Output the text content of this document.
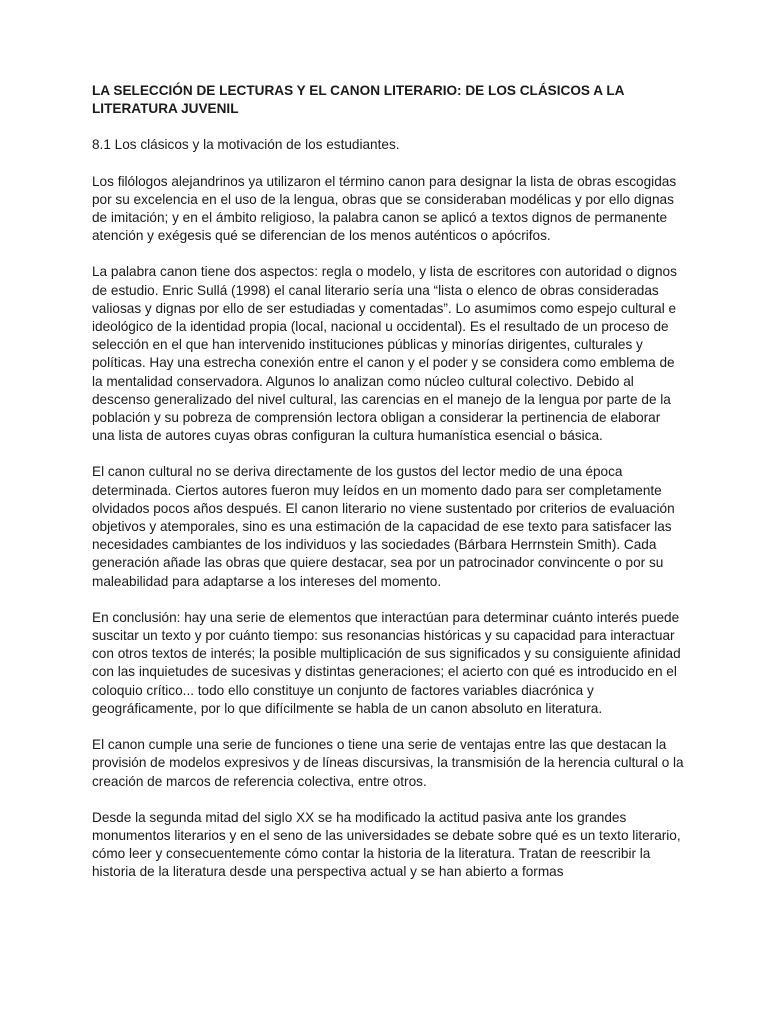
LA SELECCIÓN DE LECTURAS Y EL CANON LITERARIO: DE LOS CLÁSICOS A LA LITERATURA JUVENIL
8.1 Los clásicos y la motivación de los estudiantes.
Los filólogos alejandrinos ya utilizaron el término canon para designar la lista de obras escogidas por su excelencia en el uso de la lengua, obras que se consideraban modélicas y por ello dignas de imitación; y en el ámbito religioso, la palabra canon se aplicó a textos dignos de permanente atención y exégesis qué se diferencian de los menos auténticos o apócrifos.
La palabra canon tiene dos aspectos: regla o modelo, y lista de escritores con autoridad o dignos de estudio. Enric Sullá (1998) el canal literario sería una “lista o elenco de obras consideradas valiosas y dignas por ello de ser estudiadas y comentadas”. Lo asumimos como espejo cultural e ideológico de la identidad propia (local, nacional u occidental). Es el resultado de un proceso de selección en el que han intervenido instituciones públicas y minorías dirigentes, culturales y políticas. Hay una estrecha conexión entre el canon y el poder y se considera como emblema de la mentalidad conservadora. Algunos lo analizan como núcleo cultural colectivo. Debido al descenso generalizado del nivel cultural, las carencias en el manejo de la lengua por parte de la población y su pobreza de comprensión lectora obligan a considerar la pertinencia de elaborar una lista de autores cuyas obras configuran la cultura humanística esencial o básica.
El canon cultural no se deriva directamente de los gustos del lector medio de una época determinada. Ciertos autores fueron muy leídos en un momento dado para ser completamente olvidados pocos años después. El canon literario no viene sustentado por criterios de evaluación objetivos y atemporales, sino es una estimación de la capacidad de ese texto para satisfacer las necesidades cambiantes de los individuos y las sociedades (Bárbara Herrnstein Smith). Cada generación añade las obras que quiere destacar, sea por un patrocinador convincente o por su maleabilidad para adaptarse a los intereses del momento.
En conclusión: hay una serie de elementos que interactúan para determinar cuánto interés puede suscitar un texto y por cuánto tiempo: sus resonancias históricas y su capacidad para interactuar con otros textos de interés; la posible multiplicación de sus significados y su consiguiente afinidad con las inquietudes de sucesivas y distintas generaciones; el acierto con qué es introducido en el coloquio crítico... todo ello constituye un conjunto de factores variables diacrónica y geográficamente, por lo que difícilmente se habla de un canon absoluto en literatura.
El canon cumple una serie de funciones o tiene una serie de ventajas entre las que destacan la provisión de modelos expresivos y de líneas discursivas, la transmisión de la herencia cultural o la creación de marcos de referencia colectiva, entre otros.
Desde la segunda mitad del siglo XX se ha modificado la actitud pasiva ante los grandes monumentos literarios y en el seno de las universidades se debate sobre qué es un texto literario, cómo leer y consecuentemente cómo contar la historia de la literatura. Tratan de reescribir la historia de la literatura desde una perspectiva actual y se han abierto a formas
